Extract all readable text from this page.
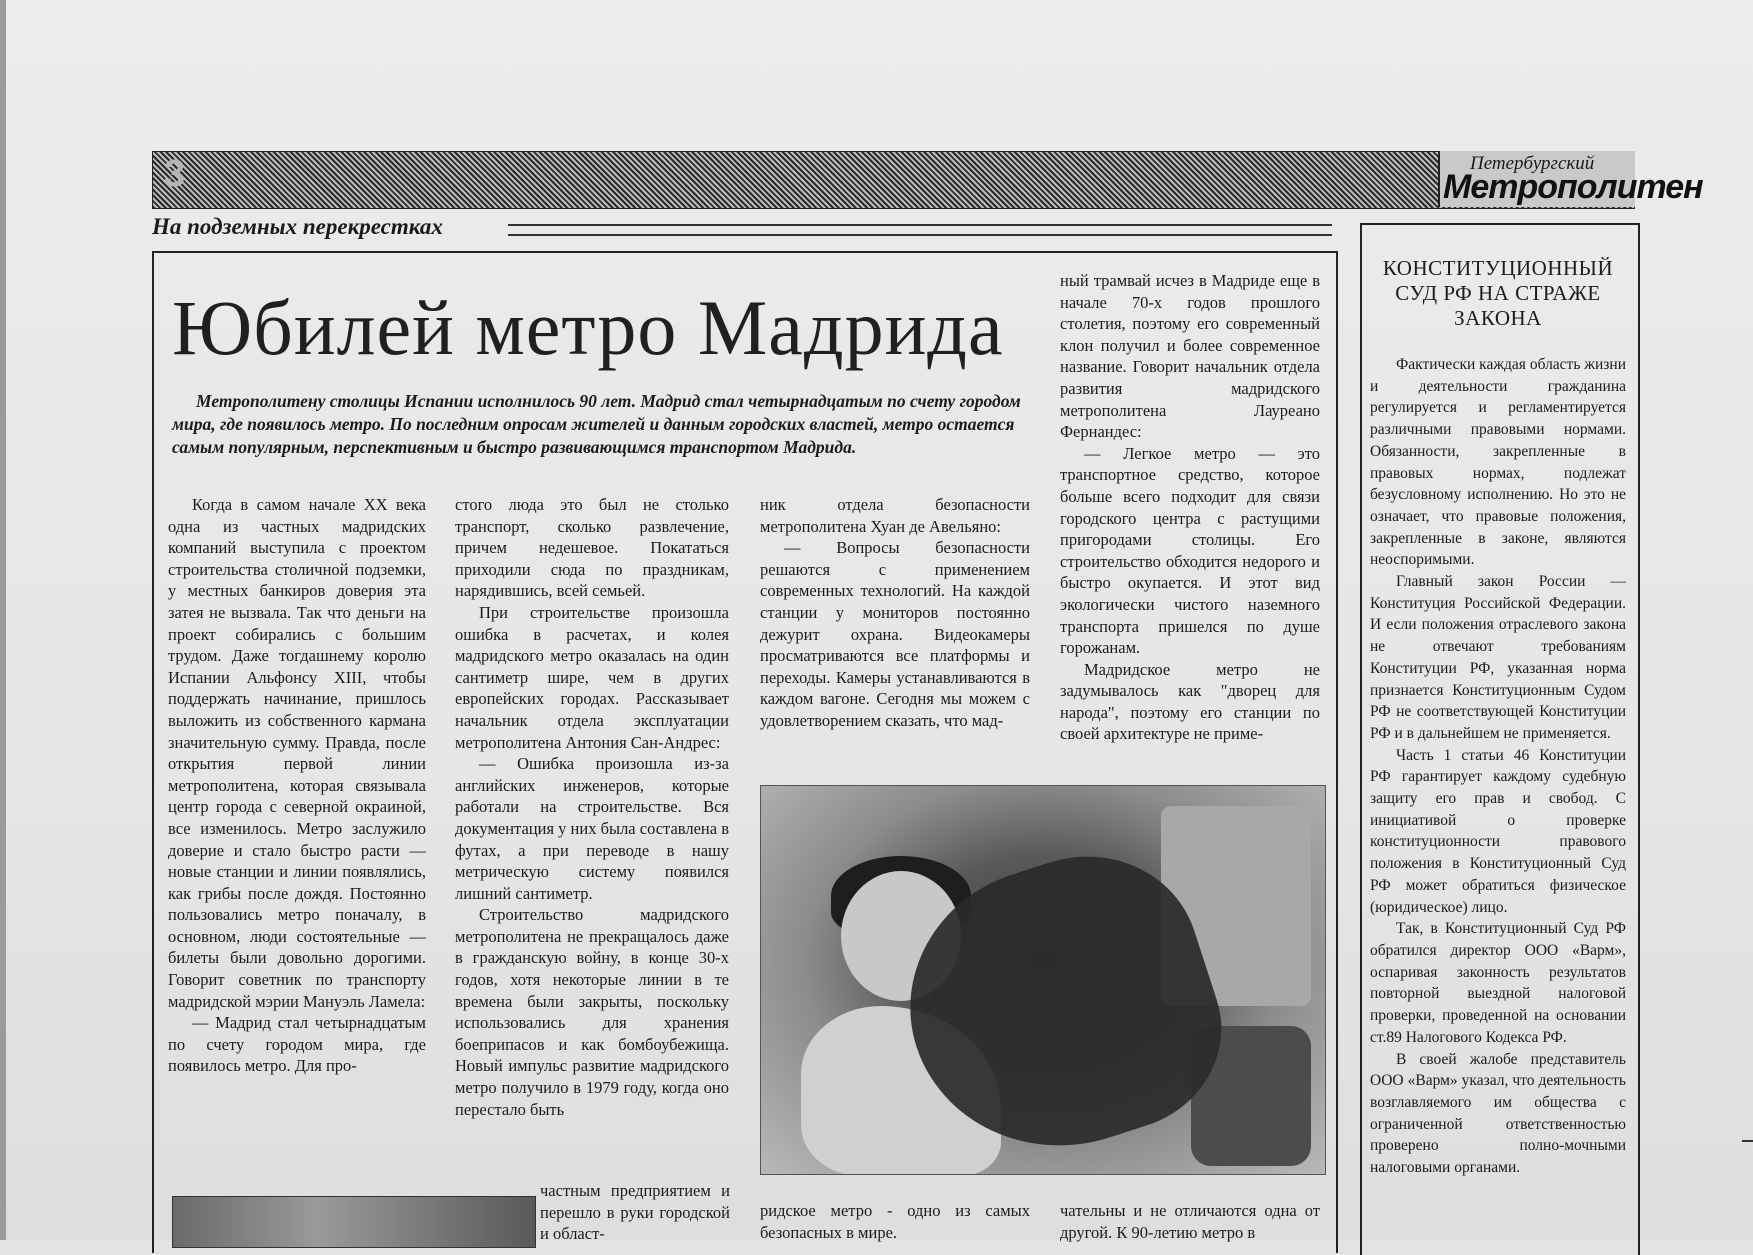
3	Петербургский
Метрополитен
На подземных перекрестках
Юбилей метро Мадрида
Метрополитену столицы Испании исполнилось 90 лет. Мадрид стал четырнадцатым по счету городом мира, где появилось метро. По последним опросам жителей и данным городских властей, метро остается самым популярным, перспективным и быстро развивающимся транспортом Мадрида.

Когда в самом начале XX века одна из частных мадридских компаний выступила с проектом строительства столичной подземки, у местных банкиров доверия эта затея не вызвала. Так что деньги на проект собирались с большим трудом. Даже тогдашнему королю Испании Альфонсу XIII, чтобы поддержать начинание, пришлось выложить из собственного кармана значительную сумму. Правда, после открытия первой линии метрополитена, которая связывала центр города с северной окраиной, все изменилось. Метро заслужило доверие и стало быстро расти — новые станции и линии появлялись, как грибы после дождя. Постоянно пользовались метро поначалу, в основном, люди состоятельные — билеты были довольно дорогими. Говорит советник по транспорту мадридской мэрии Мануэль Ламела:

— Мадрид стал четырнадцатым по счету городом мира, где появилось метро. Для про-

стого люда это был не столько транспорт, сколько развлечение, причем недешевое. Покататься приходили сюда по праздникам, нарядившись, всей семьей.

При строительстве произошла ошибка в расчетах, и колея мадридского метро оказалась на один сантиметр шире, чем в других европейских городах. Рассказывает начальник отдела эксплуатации метрополитена Антония Сан-Андрес:

— Ошибка произошла из-за английских инженеров, которые работали на строительстве. Вся документация у них была составлена в футах, а при переводе в нашу метрическую систему появился лишний сантиметр.

Строительство мадридского метрополитена не прекращалось даже в гражданскую войну, в конце 30-х годов, хотя некоторые линии в те времена были закрыты, поскольку использовались для хранения боеприпасов и как бомбоубежища. Новый импульс развитие мадридского метро получило в 1979 году, когда оно перестало быть

частным предприятием и перешло в руки городской и област-

ник отдела безопасности метрополитена Хуан де Авельяно:

— Вопросы безопасности решаются с применением современных технологий. На каждой станции у мониторов постоянно дежурит охрана. Видеокамеры просматриваются все платформы и переходы. Камеры устанавливаются в каждом вагоне. Сегодня мы можем с удовлетворением сказать, что мад-

ридское метро - одно из самых безопасных в мире.

ный трамвай исчез в Мадриде еще в начале 70-х годов прошлого столетия, поэтому его современный клон получил и более современное название. Говорит начальник отдела развития мадридского метрополитена Лауреано Фернандес:

— Легкое метро — это транспортное средство, которое больше всего подходит для связи городского центра с растущими пригородами столицы. Его строительство обходится недорого и быстро окупается. И этот вид экологически чистого наземного транспорта пришелся по душе горожанам.

Мадридское метро не задумывалось как "дворец для народа", поэтому его станции по своей архитектуре не приме-

чательны и не отличаются одна от другой. К 90-летию метро в

КОНСТИТУЦИОННЫЙ СУД РФ НА СТРАЖЕ ЗАКОНА

Фактически каждая область жизни и деятельности гражданина регулируется и регламентируется различными правовыми нормами. Обязанности, закрепленные в правовых нормах, подлежат безусловному исполнению. Но это не означает, что правовые положения, закрепленные в законе, являются неоспоримыми.

Главный закон России — Конституция Российской Федерации. И если положения отраслевого закона не отвечают требованиям Конституции РФ, указанная норма признается Конституционным Судом РФ не соответствующей Конституции РФ и в дальнейшем не применяется.

Часть 1 статьи 46 Конституции РФ гарантирует каждому судебную защиту его прав и свобод. С инициативой о проверке конституционности правового положения в Конституционный Суд РФ может обратиться физическое (юридическое) лицо.

Так, в Конституционный Суд РФ обратился директор ООО «Варм», оспаривая законность результатов повторной выездной налоговой проверки, проведенной на основании ст.89 Налогового Кодекса РФ.

В своей жалобе представитель ООО «Варм» указал, что деятельность возглавляемого им общества с ограниченной ответственностью проверено полно-мочными налоговыми органами.
